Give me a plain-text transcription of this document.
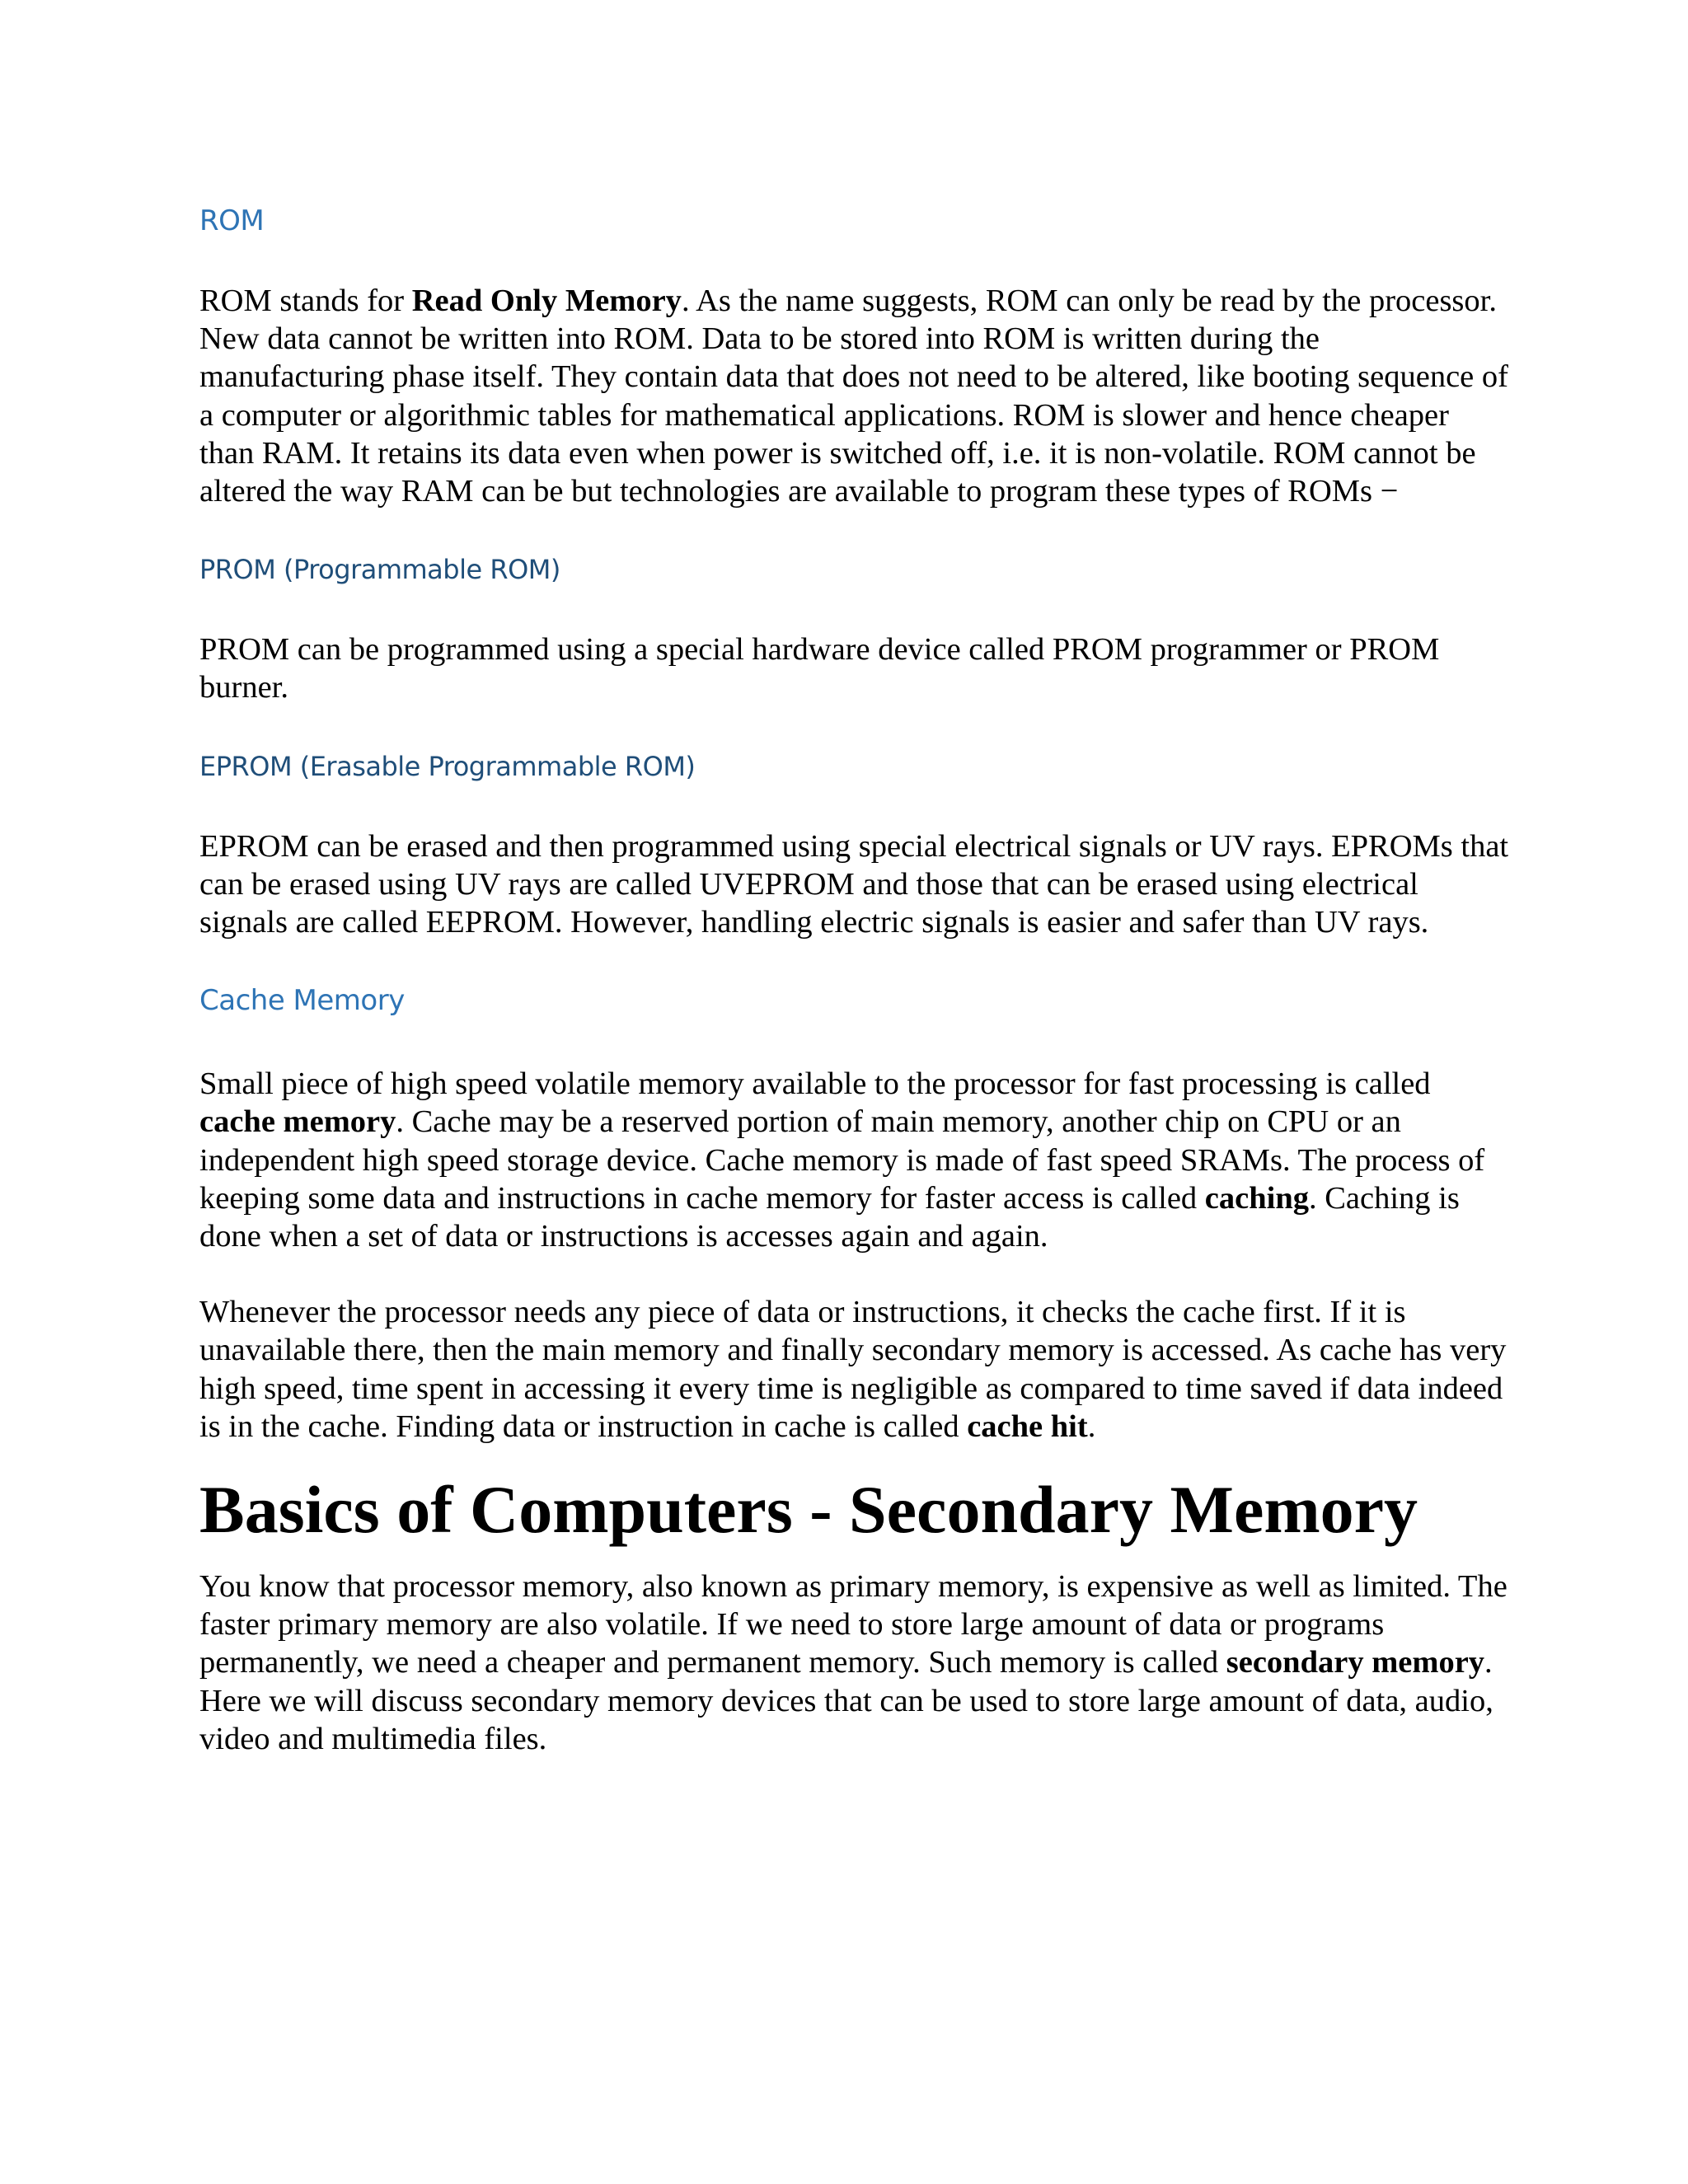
ROM

ROM stands for Read Only Memory. As the name suggests, ROM can only be read by the processor. New data cannot be written into ROM. Data to be stored into ROM is written during the manufacturing phase itself. They contain data that does not need to be altered, like booting sequence of a computer or algorithmic tables for mathematical applications. ROM is slower and hence cheaper than RAM. It retains its data even when power is switched off, i.e. it is non-volatile. ROM cannot be altered the way RAM can be but technologies are available to program these types of ROMs −

PROM (Programmable ROM)

PROM can be programmed using a special hardware device called PROM programmer or PROM burner.

EPROM (Erasable Programmable ROM)

EPROM can be erased and then programmed using special electrical signals or UV rays. EPROMs that can be erased using UV rays are called UVEPROM and those that can be erased using electrical signals are called EEPROM. However, handling electric signals is easier and safer than UV rays.

Cache Memory

Small piece of high speed volatile memory available to the processor for fast processing is called cache memory. Cache may be a reserved portion of main memory, another chip on CPU or an independent high speed storage device. Cache memory is made of fast speed SRAMs. The process of keeping some data and instructions in cache memory for faster access is called caching. Caching is done when a set of data or instructions is accesses again and again.

Whenever the processor needs any piece of data or instructions, it checks the cache first. If it is unavailable there, then the main memory and finally secondary memory is accessed. As cache has very high speed, time spent in accessing it every time is negligible as compared to time saved if data indeed is in the cache. Finding data or instruction in cache is called cache hit.

Basics of Computers - Secondary Memory

You know that processor memory, also known as primary memory, is expensive as well as limited. The faster primary memory are also volatile. If we need to store large amount of data or programs permanently, we need a cheaper and permanent memory. Such memory is called secondary memory. Here we will discuss secondary memory devices that can be used to store large amount of data, audio, video and multimedia files.
